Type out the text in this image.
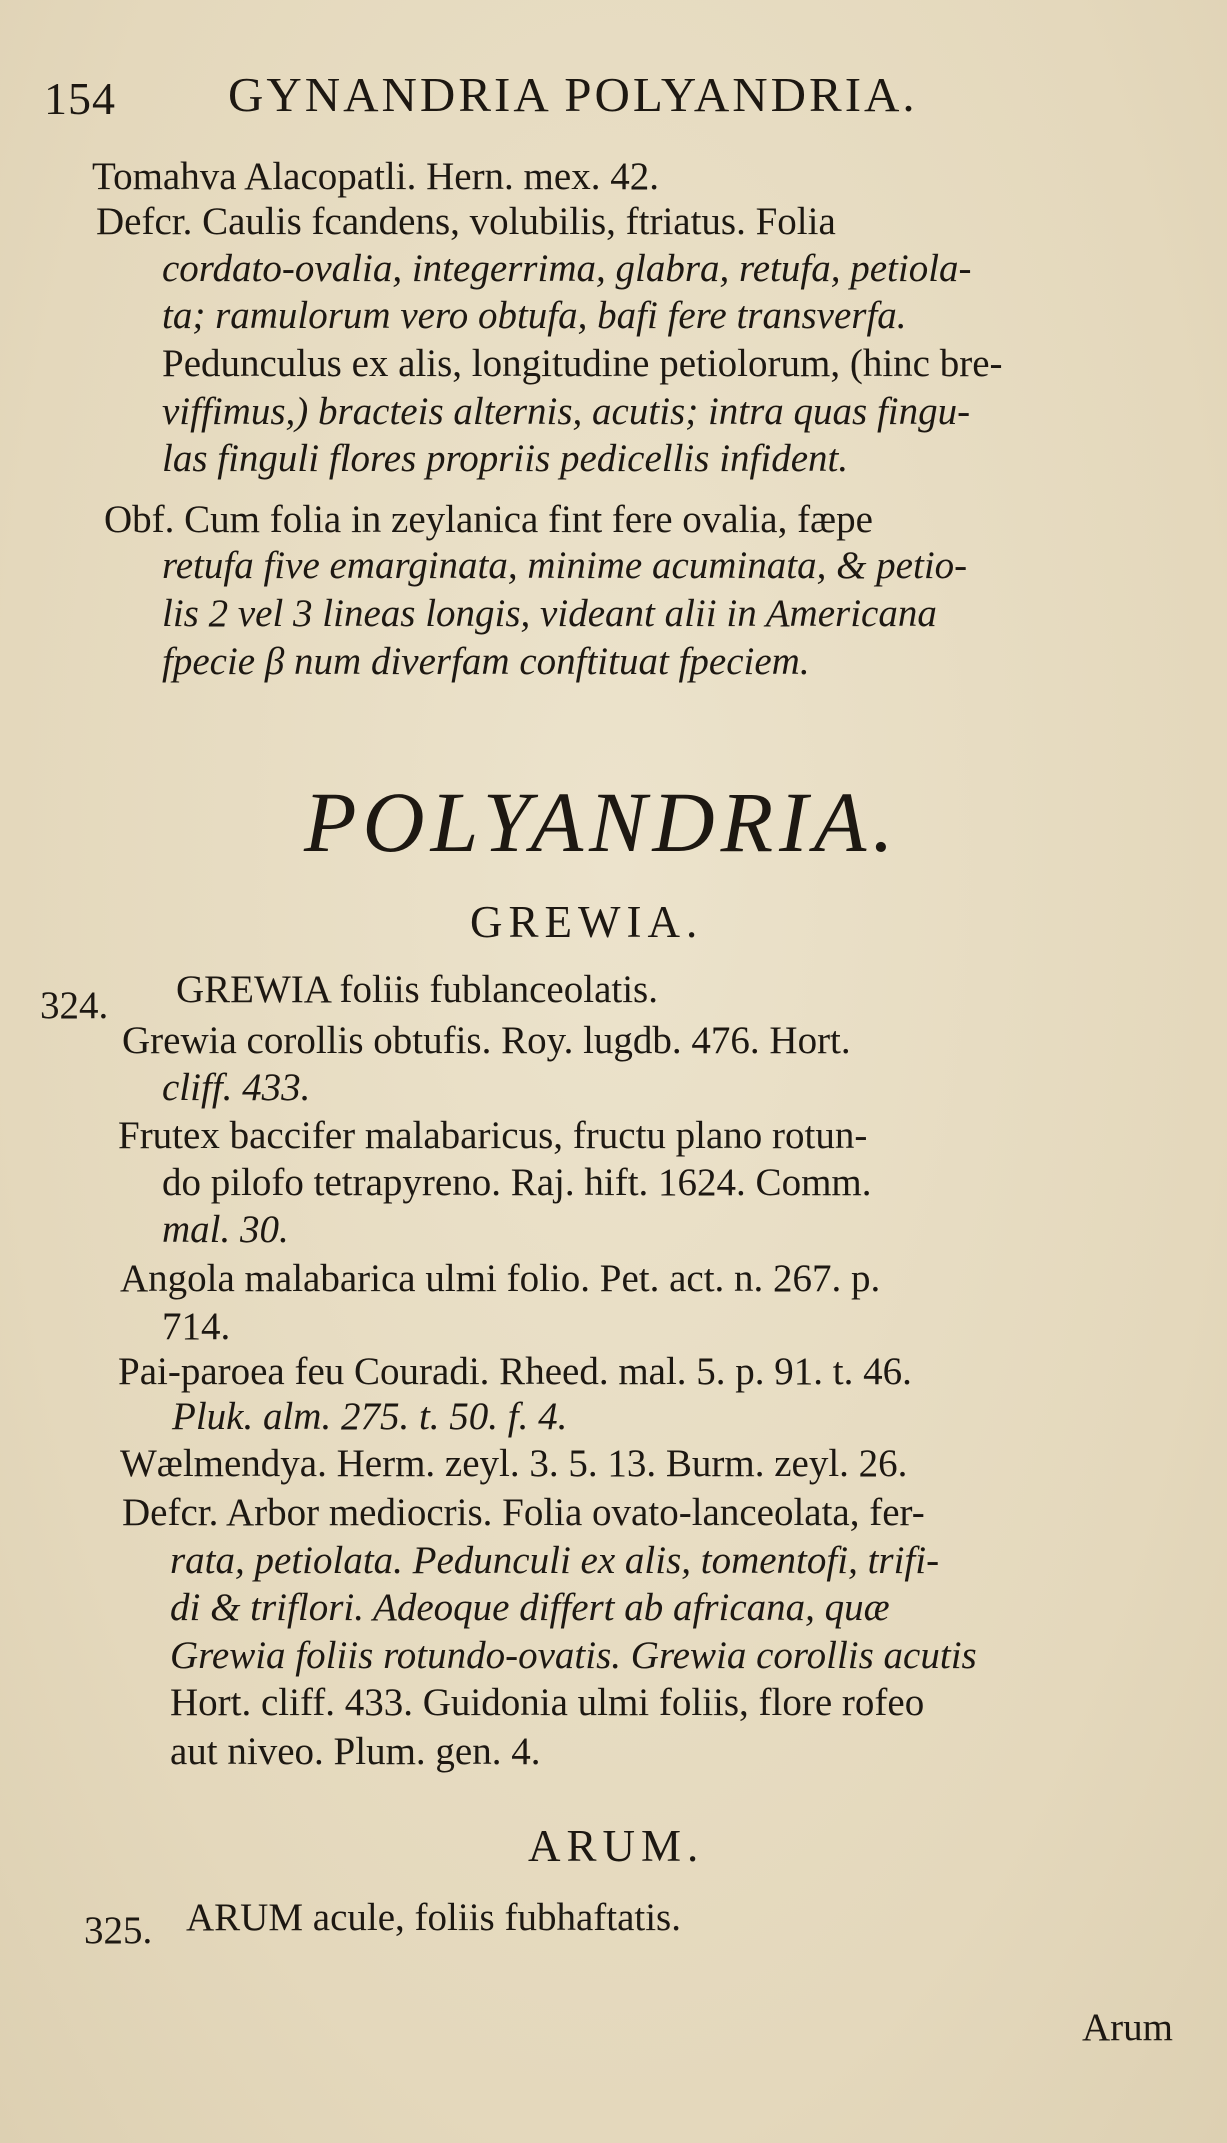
154 GYNANDRIA POLYANDRIA.
Tomahva Alacopatli. Hern. mex. 42.
Defcr. Caulis fcandens, volubilis, ftriatus. Folia
cordato-ovalia, integerrima, glabra, retufa, petiola-
ta; ramulorum vero obtufa, bafi fere transverfa.
Pedunculus ex alis, longitudine petiolorum, (hinc bre-
viffimus,) bracteis alternis, acutis; intra quas fingu-
las finguli flores propriis pedicellis infident.
Obf. Cum folia in zeylanica fint fere ovalia, fæpe
retufa five emarginata, minime acuminata, & petio-
lis 2 vel 3 lineas longis, videant alii in Americana
fpecie β num diverfam conftituat fpeciem.
POLYANDRIA.
GREWIA.
324. GREWIA foliis fublanceolatis.
Grewia corollis obtufis. Roy. lugdb. 476. Hort.
cliff. 433.
Frutex baccifer malabaricus, fructu plano rotun-
do pilofo tetrapyreno. Raj. hift. 1624. Comm.
mal. 30.
Angola malabarica ulmi folio. Pet. act. n. 267. p.
714.
Pai-paroea feu Couradi. Rheed. mal. 5. p. 91. t. 46.
Pluk. alm. 275. t. 50. f. 4.
Wælmendya. Herm. zeyl. 3. 5. 13. Burm. zeyl. 26.
Defcr. Arbor mediocris. Folia ovato-lanceolata, fer-
rata, petiolata. Pedunculi ex alis, tomentofi, trifi-
di & triflori. Adeoque differt ab africana, quæ
Grewia foliis rotundo-ovatis. Grewia corollis acutis
Hort. cliff. 433. Guidonia ulmi foliis, flore rofeo
aut niveo. Plum. gen. 4.
ARUM.
325. ARUM acule, foliis fubhaftatis.
Arum
